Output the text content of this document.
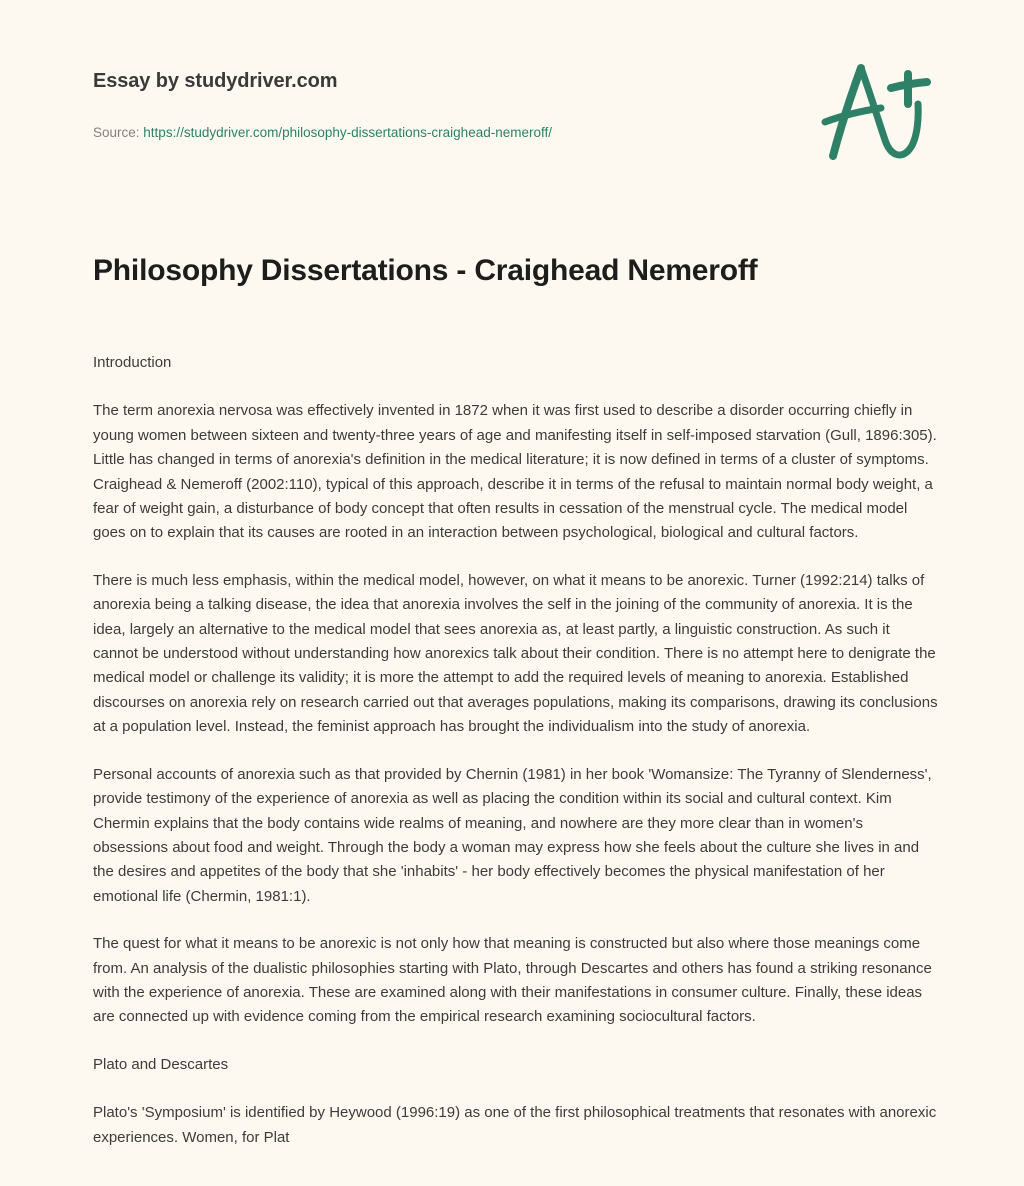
Essay by studydriver.com

Source: https://studydriver.com/philosophy-dissertations-craighead-nemeroff/

Philosophy Dissertations - Craighead Nemeroff

Introduction

The term anorexia nervosa was effectively invented in 1872 when it was first used to describe a disorder occurring chiefly in young women between sixteen and twenty-three years of age and manifesting itself in self-imposed starvation (Gull, 1896:305). Little has changed in terms of anorexia's definition in the medical literature; it is now defined in terms of a cluster of symptoms. Craighead & Nemeroff (2002:110), typical of this approach, describe it in terms of the refusal to maintain normal body weight, a fear of weight gain, a disturbance of body concept that often results in cessation of the menstrual cycle. The medical model goes on to explain that its causes are rooted in an interaction between psychological, biological and cultural factors.

There is much less emphasis, within the medical model, however, on what it means to be anorexic. Turner (1992:214) talks of anorexia being a talking disease, the idea that anorexia involves the self in the joining of the community of anorexia. It is the idea, largely an alternative to the medical model that sees anorexia as, at least partly, a linguistic construction. As such it cannot be understood without understanding how anorexics talk about their condition. There is no attempt here to denigrate the medical model or challenge its validity; it is more the attempt to add the required levels of meaning to anorexia. Established discourses on anorexia rely on research carried out that averages populations, making its comparisons, drawing its conclusions at a population level. Instead, the feminist approach has brought the individualism into the study of anorexia.

Personal accounts of anorexia such as that provided by Chernin (1981) in her book 'Womansize: The Tyranny of Slenderness', provide testimony of the experience of anorexia as well as placing the condition within its social and cultural context. Kim Chermin explains that the body contains wide realms of meaning, and nowhere are they more clear than in women's obsessions about food and weight. Through the body a woman may express how she feels about the culture she lives in and the desires and appetites of the body that she 'inhabits' - her body effectively becomes the physical manifestation of her emotional life (Chermin, 1981:1).

The quest for what it means to be anorexic is not only how that meaning is constructed but also where those meanings come from. An analysis of the dualistic philosophies starting with Plato, through Descartes and others has found a striking resonance with the experience of anorexia. These are examined along with their manifestations in consumer culture. Finally, these ideas are connected up with evidence coming from the empirical research examining sociocultural factors.

Plato and Descartes

Plato's 'Symposium' is identified by Heywood (1996:19) as one of the first philosophical treatments that resonates with anorexic experiences. Women, for Plat
